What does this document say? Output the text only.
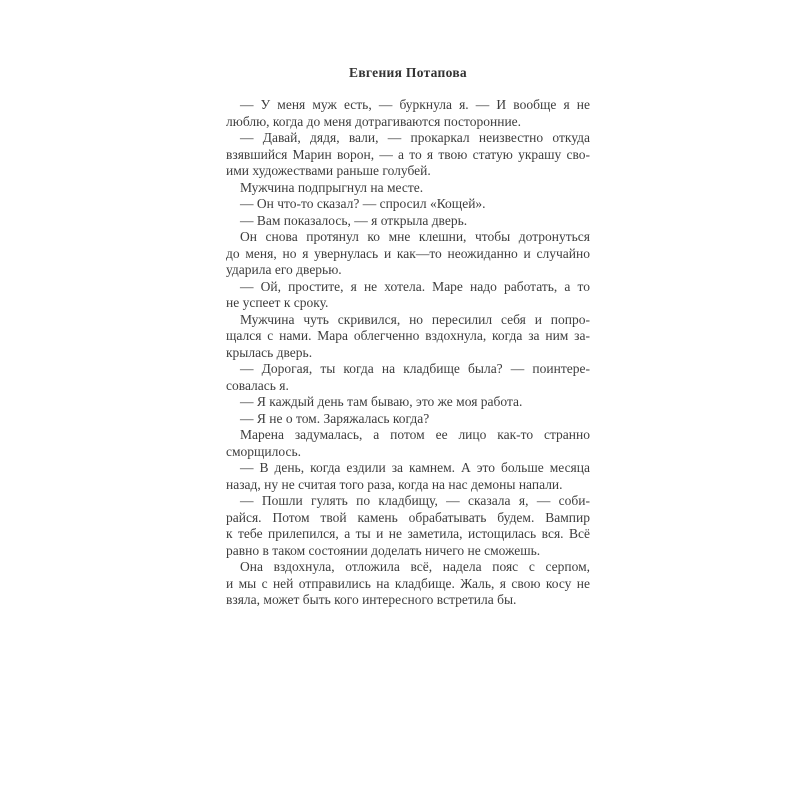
Евгения Потапова

— У меня муж есть, — буркнула я. — И вообще я не
люблю, когда до меня дотрагиваются посторонние.

— Давай, дядя, вали, — прокаркал неизвестно откуда
взявшийся Марин ворон, — а то я твою статую украшу сво-
ими художествами раньше голубей.

Мужчина подпрыгнул на месте.

— Он что-то сказал? — спросил «Кощей».

— Вам показалось, — я открыла дверь.

Он снова протянул ко мне клешни, чтобы дотронуться
до меня, но я увернулась и как—то неожиданно и случайно
ударила его дверью.

— Ой, простите, я не хотела. Маре надо работать, а то
не успеет к сроку.

Мужчина чуть скривился, но пересилил себя и попро-
щался с нами. Мара облегченно вздохнула, когда за ним за-
крылась дверь.

— Дорогая, ты когда на кладбище была? — поинтере-
совалась я.

— Я каждый день там бываю, это же моя работа.

— Я не о том. Заряжалась когда?

Марена задумалась, а потом ее лицо как-то странно
сморщилось.

— В день, когда ездили за камнем. А это больше месяца
назад, ну не считая того раза, когда на нас демоны напали.

— Пошли гулять по кладбищу, — сказала я, — соби-
райся. Потом твой камень обрабатывать будем. Вампир
к тебе прилепился, а ты и не заметила, истощилась вся. Всё
равно в таком состоянии доделать ничего не сможешь.

Она вздохнула, отложила всё, надела пояс с серпом,
и мы с ней отправились на кладбище. Жаль, я свою косу не
взяла, может быть кого интересного встретила бы.
